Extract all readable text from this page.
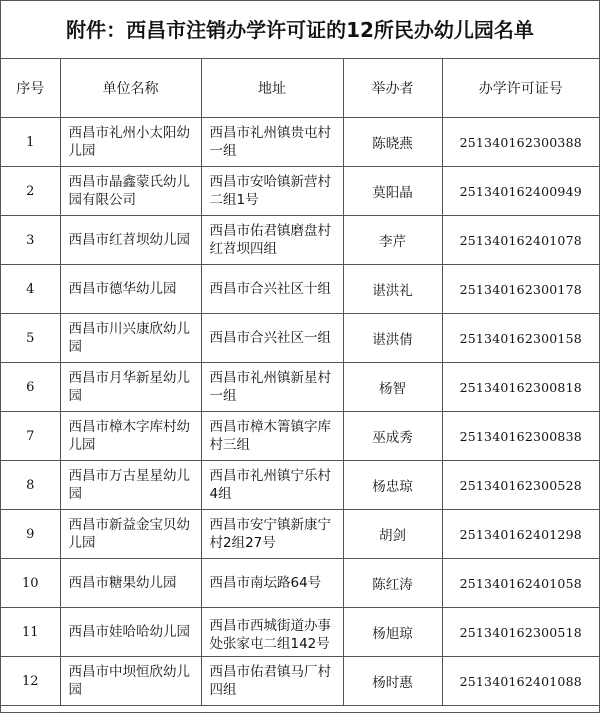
附件：西昌市注销办学许可证的12所民办幼儿园名单
序号	单位名称	地址	举办者	办学许可证号
1	西昌市礼州小太阳幼儿园	西昌市礼州镇贵屯村一组	陈晓燕	251340162300388
2	西昌市晶鑫蒙氏幼儿园有限公司	西昌市安哈镇新营村二组1号	莫阳晶	251340162400949
3	西昌市红苕坝幼儿园	西昌市佑君镇磨盘村红苕坝四组	李芹	251340162401078
4	西昌市德华幼儿园	西昌市合兴社区十组	谌洪礼	251340162300178
5	西昌市川兴康欣幼儿园	西昌市合兴社区一组	谌洪倩	251340162300158
6	西昌市月华新星幼儿园	西昌市礼州镇新星村一组	杨智	251340162300818
7	西昌市樟木字库村幼儿园	西昌市樟木箐镇字库村三组	巫成秀	251340162300838
8	西昌市万古星星幼儿园	西昌市礼州镇宁乐村4组	杨忠琼	251340162300528
9	西昌市新益金宝贝幼儿园	西昌市安宁镇新康宁村2组27号	胡剑	251340162401298
10	西昌市糖果幼儿园	西昌市南坛路64号	陈红涛	251340162401058
11	西昌市娃哈哈幼儿园	西昌市西城街道办事处张家屯二组142号	杨旭琼	251340162300518
12	西昌市中坝恒欣幼儿园	西昌市佑君镇马厂村四组	杨时惠	251340162401088
